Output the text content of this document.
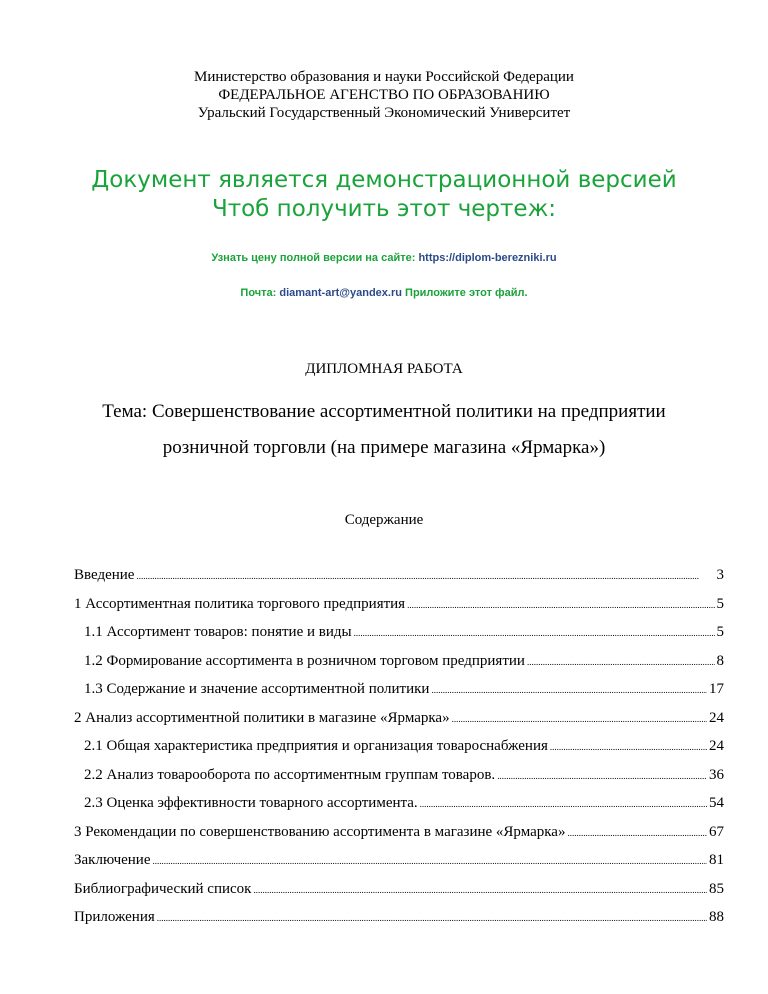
Министерство образования и науки Российской Федерации
ФЕДЕРАЛЬНОЕ АГЕНСТВО ПО ОБРАЗОВАНИЮ
Уральский Государственный Экономический Университет
Документ является демонстрационной версией
Чтоб получить этот чертеж:
Узнать цену полной версии на сайте: https://diplom-berezniki.ru
Почта: diamant-art@yandex.ru Приложите этот файл.
ДИПЛОМНАЯ РАБОТА
Тема: Совершенствование ассортиментной политики на предприятии
розничной торговли (на примере магазина «Ярмарка»)
Содержание
Введение .....	3
1 Ассортиментная политика торгового предприятия .....	5
1.1 Ассортимент товаров: понятие и виды .....	5
1.2 Формирование ассортимента в розничном торговом предприятии .....	8
1.3 Содержание и значение ассортиментной политики .....	17
2 Анализ ассортиментной политики в магазине «Ярмарка» .....	24
2.1 Общая характеристика предприятия и организация товароснабжения .....	24
2.2 Анализ товарооборота по ассортиментным группам товаров. .....	36
2.3 Оценка эффективности товарного ассортимента. .....	54
3 Рекомендации по совершенствованию ассортимента в магазине «Ярмарка» .....	67
Заключение .....	81
Библиографический список .....	85
Приложения .....	88
